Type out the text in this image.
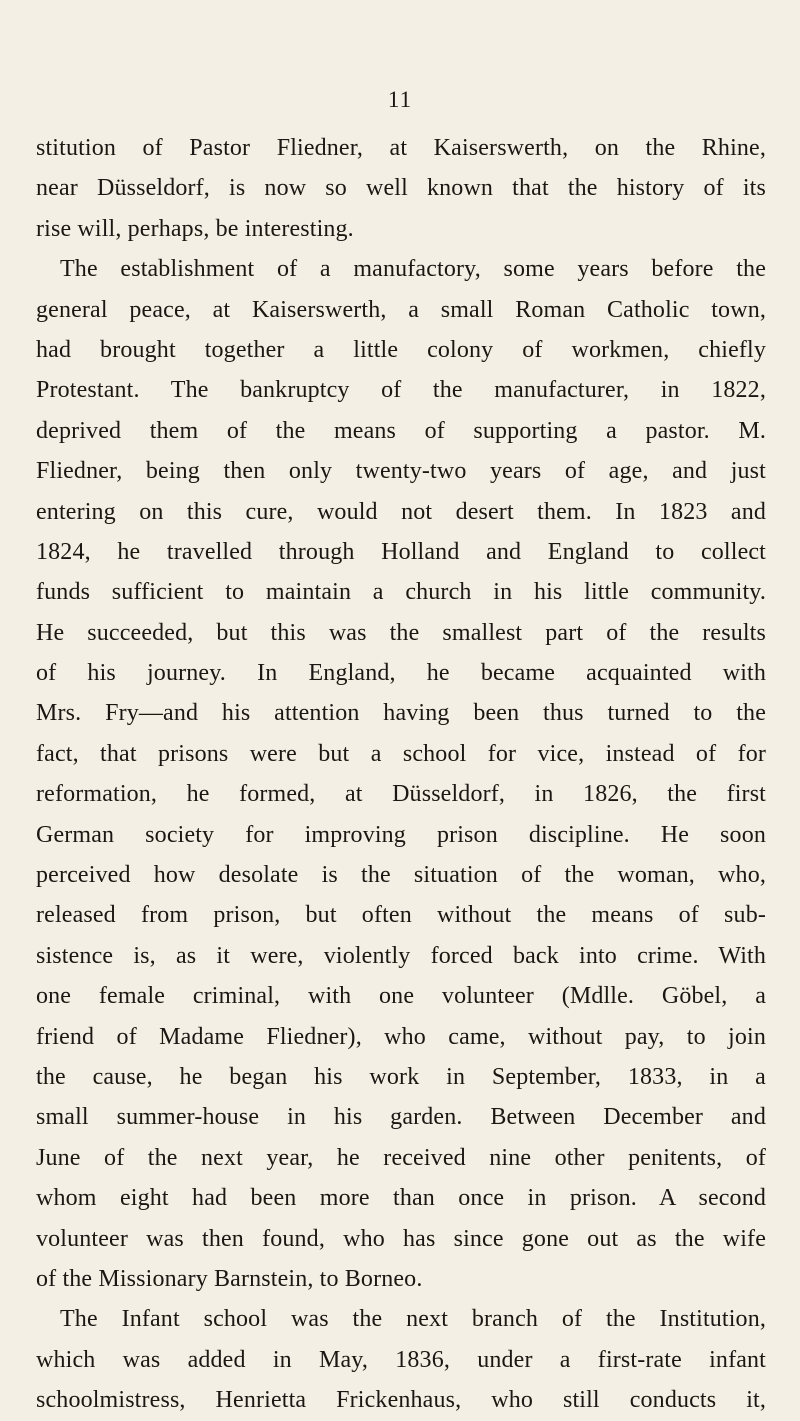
11
stitution of Pastor Fliedner, at Kaiserswerth, on the Rhine,
near Düsseldorf, is now so well known that the history of its
rise will, perhaps, be interesting.
The establishment of a manufactory, some years before the
general peace, at Kaiserswerth, a small Roman Catholic town,
had brought together a little colony of workmen, chiefly
Protestant. The bankruptcy of the manufacturer, in 1822,
deprived them of the means of supporting a pastor. M.
Fliedner, being then only twenty-two years of age, and just
entering on this cure, would not desert them. In 1823 and
1824, he travelled through Holland and England to collect
funds sufficient to maintain a church in his little community.
He succeeded, but this was the smallest part of the results
of his journey. In England, he became acquainted with
Mrs. Fry—and his attention having been thus turned to the
fact, that prisons were but a school for vice, instead of for
reformation, he formed, at Düsseldorf, in 1826, the first
German society for improving prison discipline. He soon
perceived how desolate is the situation of the woman, who,
released from prison, but often without the means of sub-
sistence is, as it were, violently forced back into crime. With
one female criminal, with one volunteer (Mdlle. Göbel, a
friend of Madame Fliedner), who came, without pay, to join
the cause, he began his work in September, 1833, in a
small summer-house in his garden. Between December and
June of the next year, he received nine other penitents, of
whom eight had been more than once in prison. A second
volunteer was then found, who has since gone out as the wife
of the Missionary Barnstein, to Borneo.
The Infant school was the next branch of the Institution,
which was added in May, 1836, under a first-rate infant
schoolmistress, Henrietta Frickenhaus, who still conducts it,
